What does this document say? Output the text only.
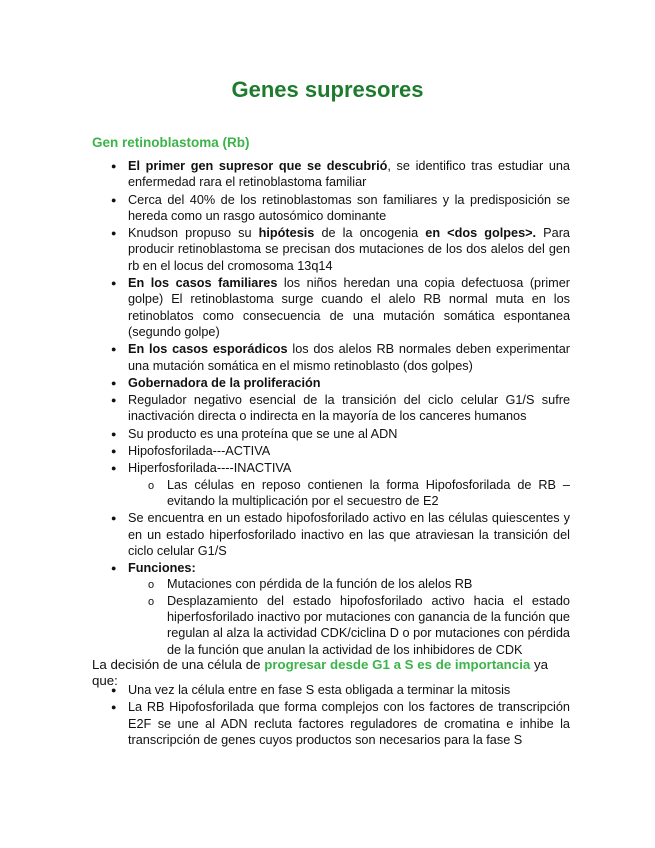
Genes supresores
Gen retinoblastoma (Rb)
● El primer gen supresor que se descubrió, se identifico tras estudiar una enfermedad rara el retinoblastoma familiar
● Cerca del 40% de los retinoblastomas son familiares y la predisposición se hereda como un rasgo autosómico dominante
● Knudson propuso su hipótesis de la oncogenia en <dos golpes>. Para producir retinoblastoma se precisan dos mutaciones de los dos alelos del gen rb en el locus del cromosoma 13q14
● En los casos familiares los niños heredan una copia defectuosa (primer golpe) El retinoblastoma surge cuando el alelo RB normal muta en los retinoblatos como consecuencia de una mutación somática espontanea (segundo golpe)
● En los casos esporádicos los dos alelos RB normales deben experimentar una mutación somática en el mismo retinoblasto (dos golpes)
● Gobernadora de la proliferación
● Regulador negativo esencial de la transición del ciclo celular G1/S sufre inactivación directa o indirecta en la mayoría de los canceres humanos
● Su producto es una proteína que se une al ADN
● Hipofosforilada---ACTIVA
● Hiperfosforilada----INACTIVA
o Las células en reposo contienen la forma Hipofosforilada de RB – evitando la multiplicación por el secuestro de E2
● Se encuentra en un estado hipofosforilado activo en las células quiescentes y en un estado hiperfosforilado inactivo en las que atraviesan la transición del ciclo celular G1/S
● Funciones:
o Mutaciones con pérdida de la función de los alelos RB
o Desplazamiento del estado hipofosforilado activo hacia el estado hiperfosforilado inactivo por mutaciones con ganancia de la función que regulan al alza la actividad CDK/ciclina D o por mutaciones con pérdida de la función que anulan la actividad de los inhibidores de CDK
La decisión de una célula de progresar desde G1 a S es de importancia ya que:
● Una vez la célula entre en fase S esta obligada a terminar la mitosis
● La RB Hipofosforilada que forma complejos con los factores de transcripción E2F se une al ADN recluta factores reguladores de cromatina e inhibe la transcripción de genes cuyos productos son necesarios para la fase S
